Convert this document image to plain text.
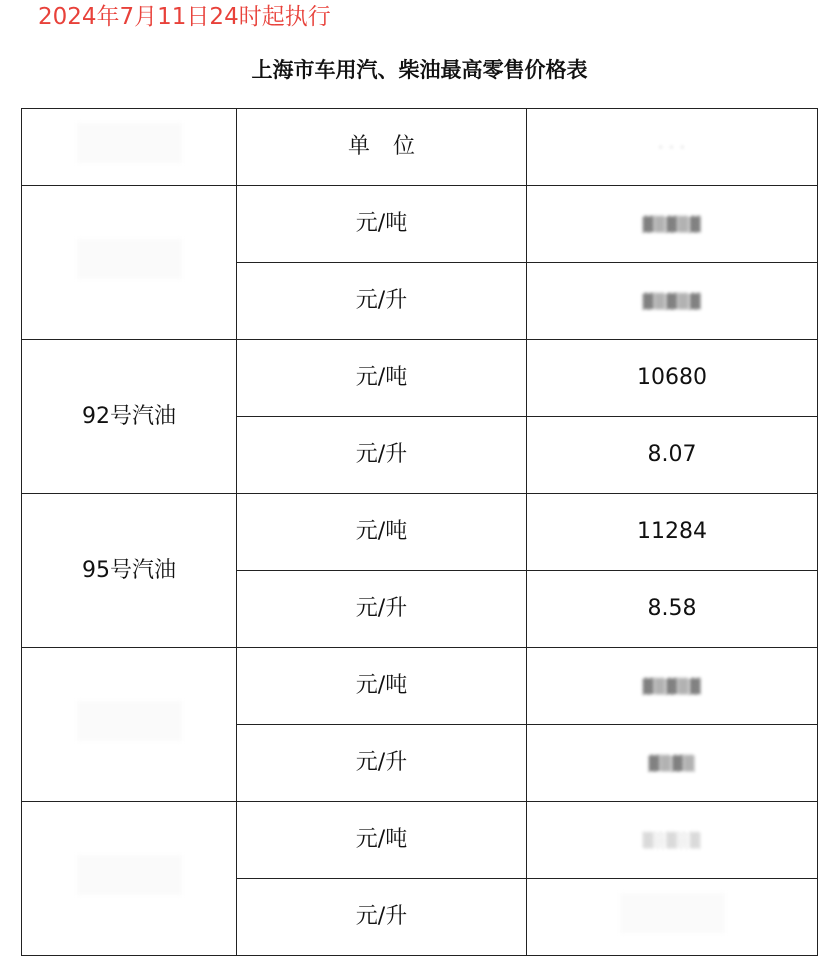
2024年7月11日24时起执行
上海市车用汽、柴油最高零售价格表
	单 位	· · ·
	元/吨	▓▒▓▒▓
	元/升	▓▒▓▒▓
92号汽油	元/吨	10680
	元/升	8.07
95号汽油	元/吨	11284
	元/升	8.58
	元/吨	▓▒▓▒▓
	元/升	▓▒▓▒
	元/吨	▒░▒░▒
	元/升	
